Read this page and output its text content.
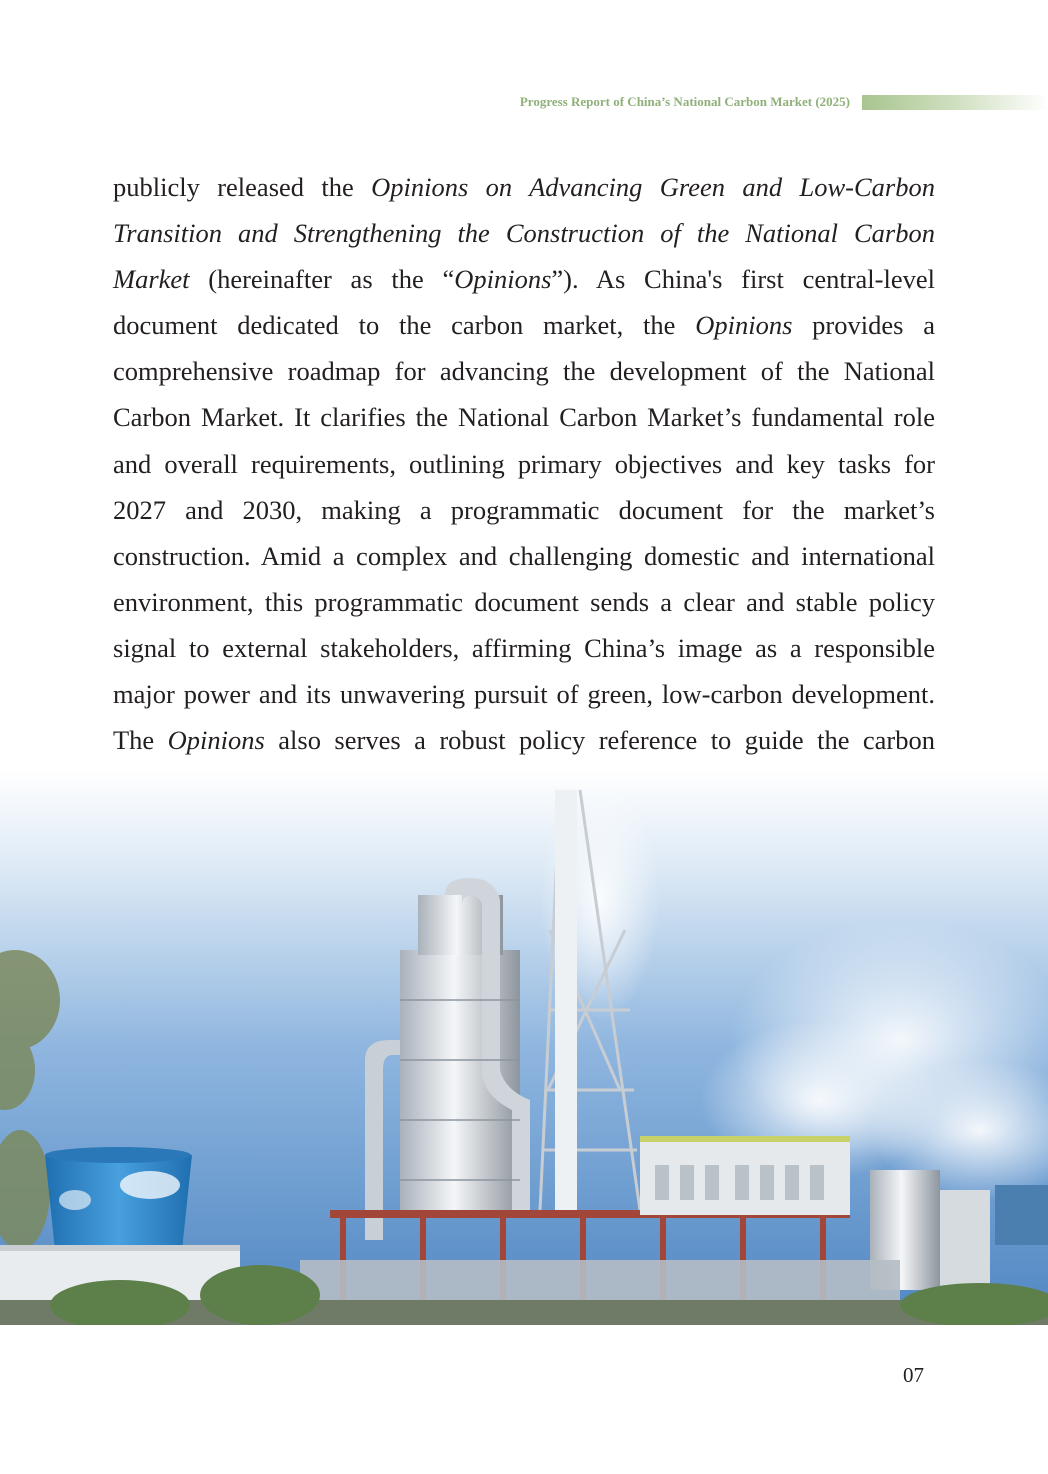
Progress Report of China’s National Carbon Market (2025)

publicly released the Opinions on Advancing Green and Low-Carbon Transition and Strengthening the Construction of the National Carbon Market (hereinafter as the “Opinions”). As China's first central-level document dedicated to the carbon market, the Opinions provides a comprehensive roadmap for advancing the development of the National Carbon Market. It clarifies the National Carbon Market’s fundamental role and overall requirements, outlining primary objectives and key tasks for 2027 and 2030, making a programmatic document for the market’s construction. Amid a complex and challenging domestic and international environment, this programmatic document sends a clear and stable policy signal to external stakeholders, affirming China’s image as a responsible major power and its unwavering pursuit of green, low-carbon development. The Opinions also serves a robust policy reference to guide the carbon

07
